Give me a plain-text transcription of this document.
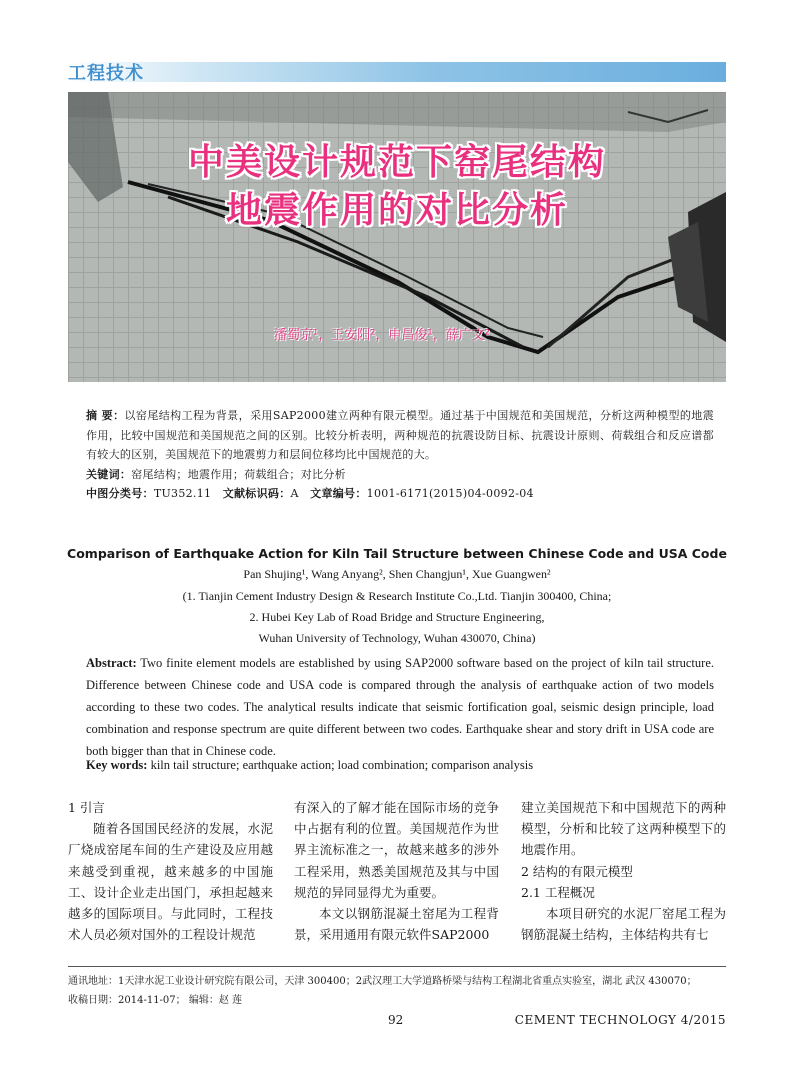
工程技术
中美设计规范下窑尾结构
地震作用的对比分析
潘蜀京¹，王安阳²，申昌俊¹，薛广文²
摘 要：以窑尾结构工程为背景，采用SAP2000建立两种有限元模型。通过基于中国规范和美国规范，分析这两种模型的地震作用，比较中国规范和美国规范之间的区别。比较分析表明，两种规范的抗震设防目标、抗震设计原则、荷载组合和反应谱都有较大的区别，美国规范下的地震剪力和层间位移均比中国规范的大。
关键词：窑尾结构；地震作用；荷载组合；对比分析
中图分类号：TU352.11 文献标识码：A 文章编号：1001-6171(2015)04-0092-04
Comparison of Earthquake Action for Kiln Tail Structure between Chinese Code and USA Code
Pan Shujing¹, Wang Anyang², Shen Changjun¹, Xue Guangwen²
(1. Tianjin Cement Industry Design & Research Institute Co.,Ltd. Tianjin 300400, China;
2. Hubei Key Lab of Road Bridge and Structure Engineering,
Wuhan University of Technology, Wuhan 430070, China)
Abstract: Two finite element models are established by using SAP2000 software based on the project of kiln tail structure. Difference between Chinese code and USA code is compared through the analysis of earthquake action of two models according to these two codes. The analytical results indicate that seismic fortification goal, seismic design principle, load combination and response spectrum are quite different between two codes. Earthquake shear and story drift in USA code are both bigger than that in Chinese code.
Key words: kiln tail structure; earthquake action; load combination; comparison analysis

1 引言

随着各国国民经济的发展，水泥厂烧成窑尾车间的生产建设及应用越来越受到重视，越来越多的中国施工、设计企业走出国门，承担起越来越多的国际项目。与此同时，工程技术人员必须对国外的工程设计规范

有深入的了解才能在国际市场的竞争中占据有利的位置。美国规范作为世界主流标准之一，故越来越多的涉外工程采用，熟悉美国规范及其与中国规范的异同显得尤为重要。

本文以钢筋混凝土窑尾为工程背景，采用通用有限元软件SAP2000

建立美国规范下和中国规范下的两种模型，分析和比较了这两种模型下的地震作用。

2 结构的有限元模型

2.1 工程概况

本项目研究的水泥厂窑尾工程为钢筋混凝土结构，主体结构共有七

通讯地址：1天津水泥工业设计研究院有限公司，天津 300400；2武汉理工大学道路桥梁与结构工程湖北省重点实验室，湖北 武汉 430070；
收稿日期：2014-11-07； 编辑：赵 莲
92	CEMENT TECHNOLOGY 4/2015
